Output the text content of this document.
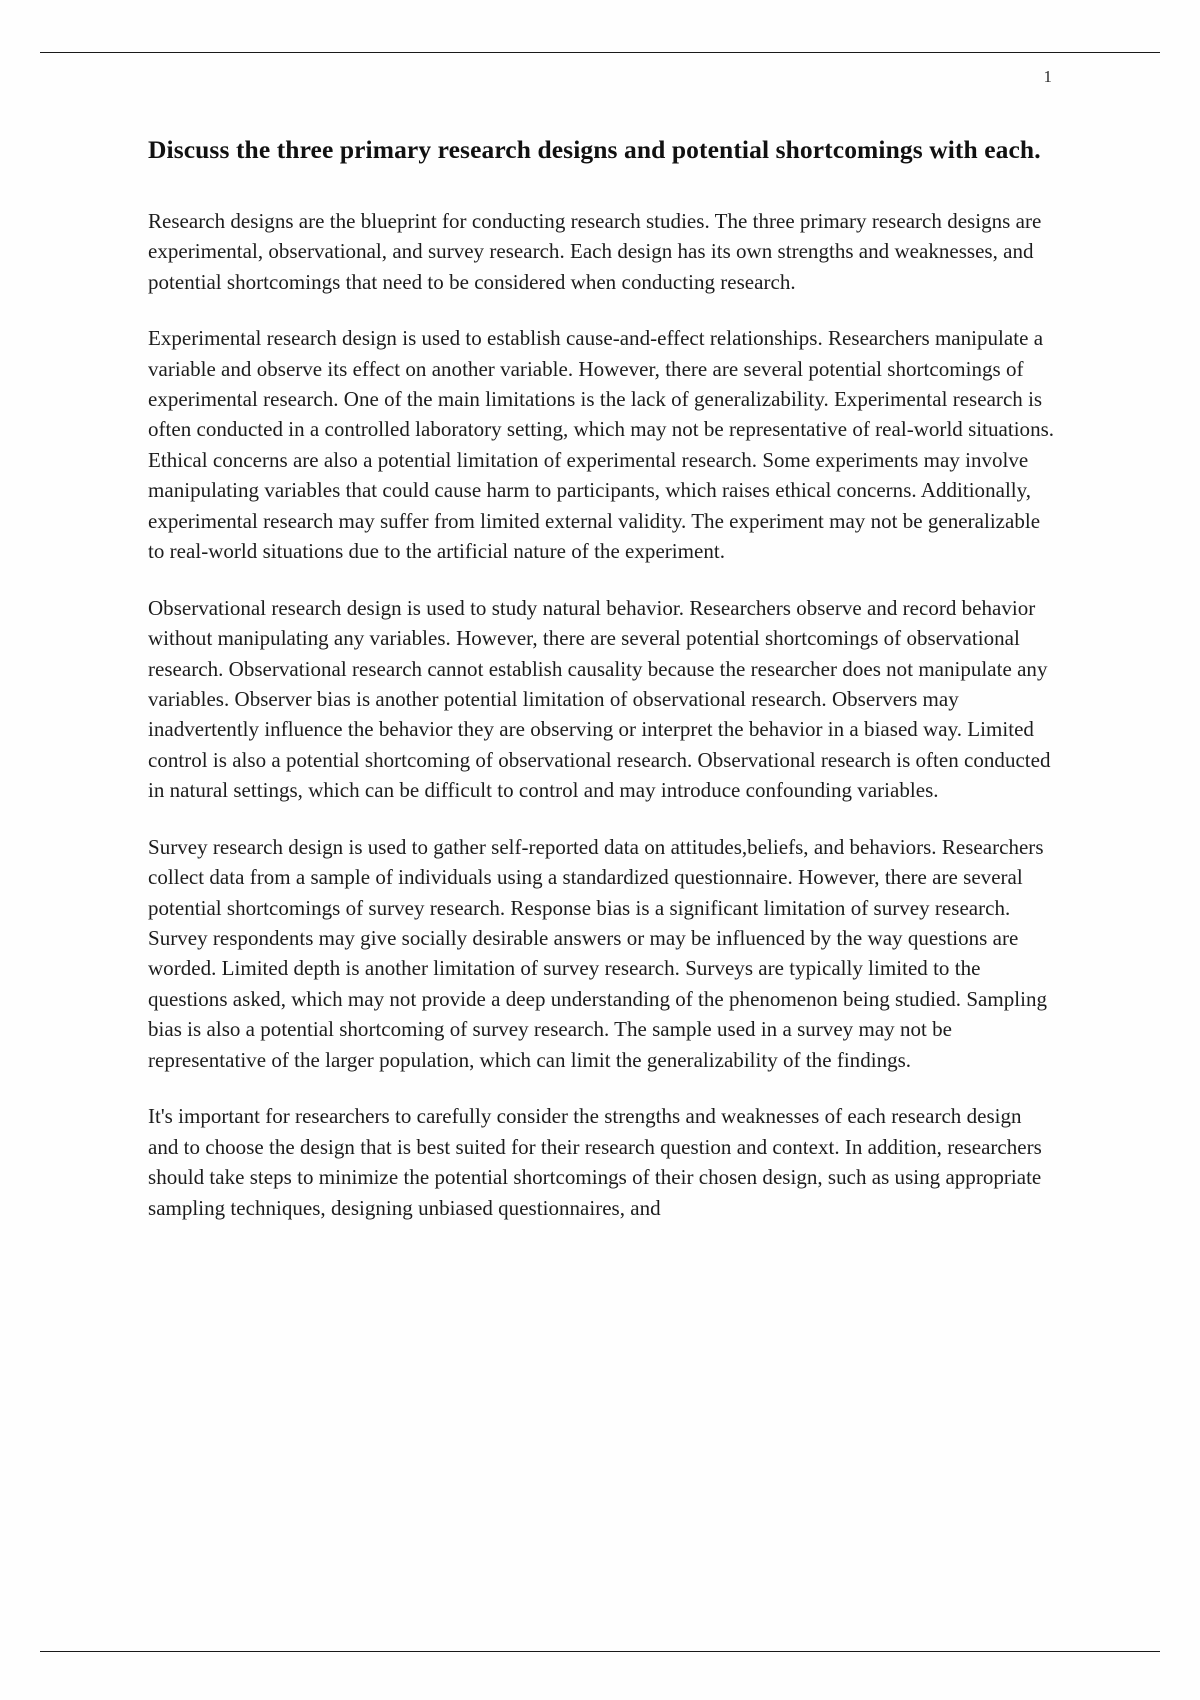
1
Discuss the three primary research designs and potential shortcomings with each.

Research designs are the blueprint for conducting research studies. The three primary research designs are experimental, observational, and survey research. Each design has its own strengths and weaknesses, and potential shortcomings that need to be considered when conducting research.

Experimental research design is used to establish cause-and-effect relationships. Researchers manipulate a variable and observe its effect on another variable. However, there are several potential shortcomings of experimental research. One of the main limitations is the lack of generalizability. Experimental research is often conducted in a controlled laboratory setting, which may not be representative of real-world situations. Ethical concerns are also a potential limitation of experimental research. Some experiments may involve manipulating variables that could cause harm to participants, which raises ethical concerns. Additionally, experimental research may suffer from limited external validity. The experiment may not be generalizable to real-world situations due to the artificial nature of the experiment.

Observational research design is used to study natural behavior. Researchers observe and record behavior without manipulating any variables. However, there are several potential shortcomings of observational research. Observational research cannot establish causality because the researcher does not manipulate any variables. Observer bias is another potential limitation of observational research. Observers may inadvertently influence the behavior they are observing or interpret the behavior in a biased way. Limited control is also a potential shortcoming of observational research. Observational research is often conducted in natural settings, which can be difficult to control and may introduce confounding variables.

Survey research design is used to gather self-reported data on attitudes,beliefs, and behaviors. Researchers collect data from a sample of individuals using a standardized questionnaire. However, there are several potential shortcomings of survey research. Response bias is a significant limitation of survey research. Survey respondents may give socially desirable answers or may be influenced by the way questions are worded. Limited depth is another limitation of survey research. Surveys are typically limited to the questions asked, which may not provide a deep understanding of the phenomenon being studied. Sampling bias is also a potential shortcoming of survey research. The sample used in a survey may not be representative of the larger population, which can limit the generalizability of the findings.

It's important for researchers to carefully consider the strengths and weaknesses of each research design and to choose the design that is best suited for their research question and context. In addition, researchers should take steps to minimize the potential shortcomings of their chosen design, such as using appropriate sampling techniques, designing unbiased questionnaires, and
